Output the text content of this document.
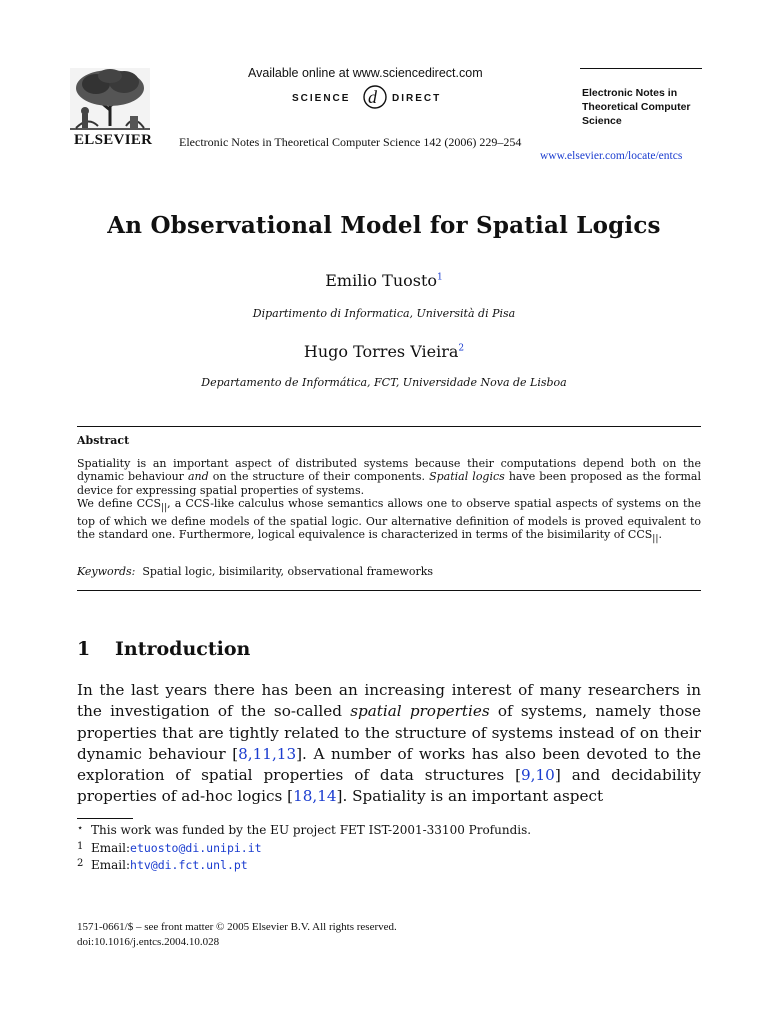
ELSEVIER
Available online at www.sciencedirect.com
SCIENCE d DIRECT
Electronic Notes in Theoretical Computer Science 142 (2006) 229–254
Electronic Notes in
Theoretical Computer
Science
www.elsevier.com/locate/entcs
An Observational Model for Spatial Logics
Emilio Tuosto$^1$
Dipartimento di Informatica, Università di Pisa
Hugo Torres Vieira$^2$
Departamento de Informática, FCT, Universidade Nova de Lisboa
Abstract

Spatiality is an important aspect of distributed systems because their computations depend both on the dynamic behaviour and on the structure of their components. Spatial logics have been proposed as the formal device for expressing spatial properties of systems.

We define $CCS_{||}$, a CCS-like calculus whose semantics allows one to observe spatial aspects of systems on the top of which we define models of the spatial logic. Our alternative definition of models is proved equivalent to the standard one. Furthermore, logical equivalence is characterized in terms of the bisimilarity of $CCS_{||}$.

Keywords: Spatial logic, bisimilarity, observational frameworks
1 Introduction

In the last years there has been an increasing interest of many researchers in the investigation of the so-called spatial properties of systems, namely those properties that are tightly related to the structure of systems instead of on their dynamic behaviour [8,11,13]. A number of works has also been devoted to the exploration of spatial properties of data structures [9,10] and decidability properties of ad-hoc logics [18,14]. Spatiality is an important aspect

⋆ This work was funded by the EU project FET IST-2001-33100 Profundis.
1 Email:etuosto@di.unipi.it
2 Email:htv@di.fct.unl.pt
1571-0661/$ – see front matter © 2005 Elsevier B.V. All rights reserved.
doi:10.1016/j.entcs.2004.10.028
